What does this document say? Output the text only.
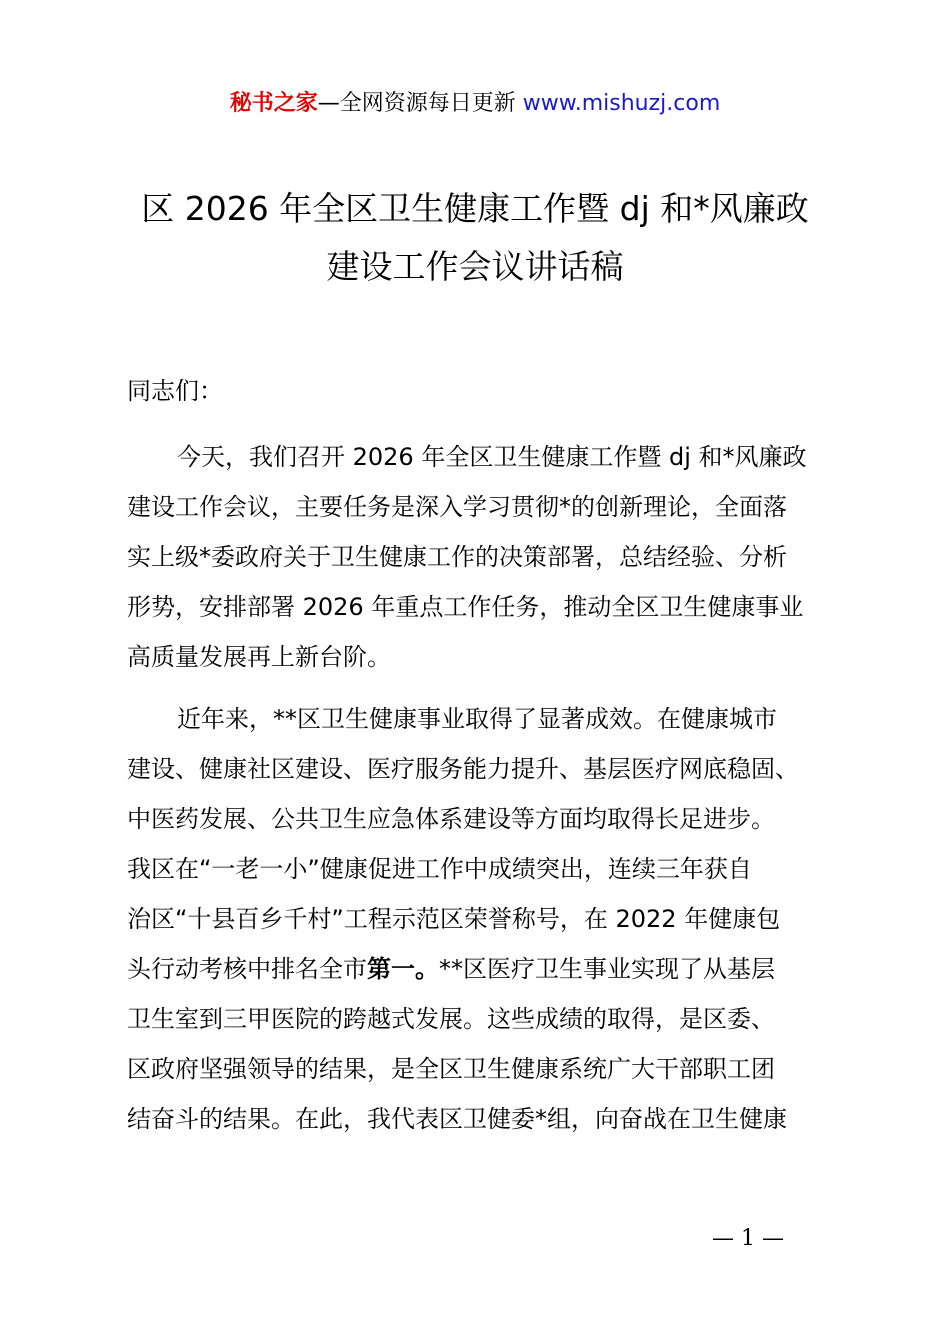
秘书之家—全网资源每日更新 www.mishuzj.com
区 2026 年全区卫生健康工作暨 dj 和*风廉政
建设工作会议讲话稿

同志们：

今天，我们召开 2026 年全区卫生健康工作暨 dj 和*风廉政
建设工作会议，主要任务是深入学习贯彻*的创新理论，全面落
实上级*委政府关于卫生健康工作的决策部署，总结经验、分析
形势，安排部署 2026 年重点工作任务，推动全区卫生健康事业
高质量发展再上新台阶。
近年来，**区卫生健康事业取得了显著成效。在健康城市
建设、健康社区建设、医疗服务能力提升、基层医疗网底稳固、
中医药发展、公共卫生应急体系建设等方面均取得长足进步。
我区在“一老一小”健康促进工作中成绩突出，连续三年获自
治区“十县百乡千村”工程示范区荣誉称号，在 2022 年健康包
头行动考核中排名全市第一。**区医疗卫生事业实现了从基层
卫生室到三甲医院的跨越式发展。这些成绩的取得，是区委、
区政府坚强领导的结果，是全区卫生健康系统广大干部职工团
结奋斗的结果。在此，我代表区卫健委*组，向奋战在卫生健康
— 1 —
